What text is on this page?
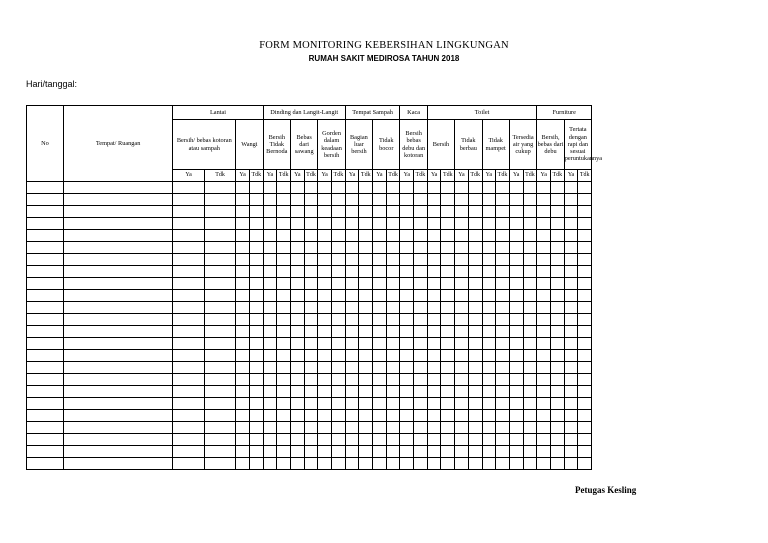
FORM MONITORING KEBERSIHAN LINGKUNGAN
RUMAH SAKIT MEDIROSA TAHUN 2018
Hari/tanggal:
No	Tempat/ Ruangan	Lantai				Dinding dan Langit-Langit						Tempat Sampah				Kaca		Toilet								Furniture			
		Bersih/ bebas kotoran atau sampah		Wangi		Bersih Tidak Bernoda		Bebas dari sawang		Gorden dalam keadaan bersih		Bagian luar bersih		Tidak bocor		Bersih bebas debu dan kotoran		Bersih		Tidak berbau		Tidak mampet		Tersedia air yang cukup		Bersih, bebas dari debu		Tertata dengan rapi dan sesuai peruntukannya	
		Ya	Tdk	Ya	Tdk	Ya	Tdk	Ya	Tdk	Ya	Tdk	Ya	Tdk	Ya	Tdk	Ya	Tdk	Ya	Tdk	Ya	Tdk	Ya	Tdk	Ya	Tdk	Ya	Tdk	Ya	Tdk

Petugas Kesling
